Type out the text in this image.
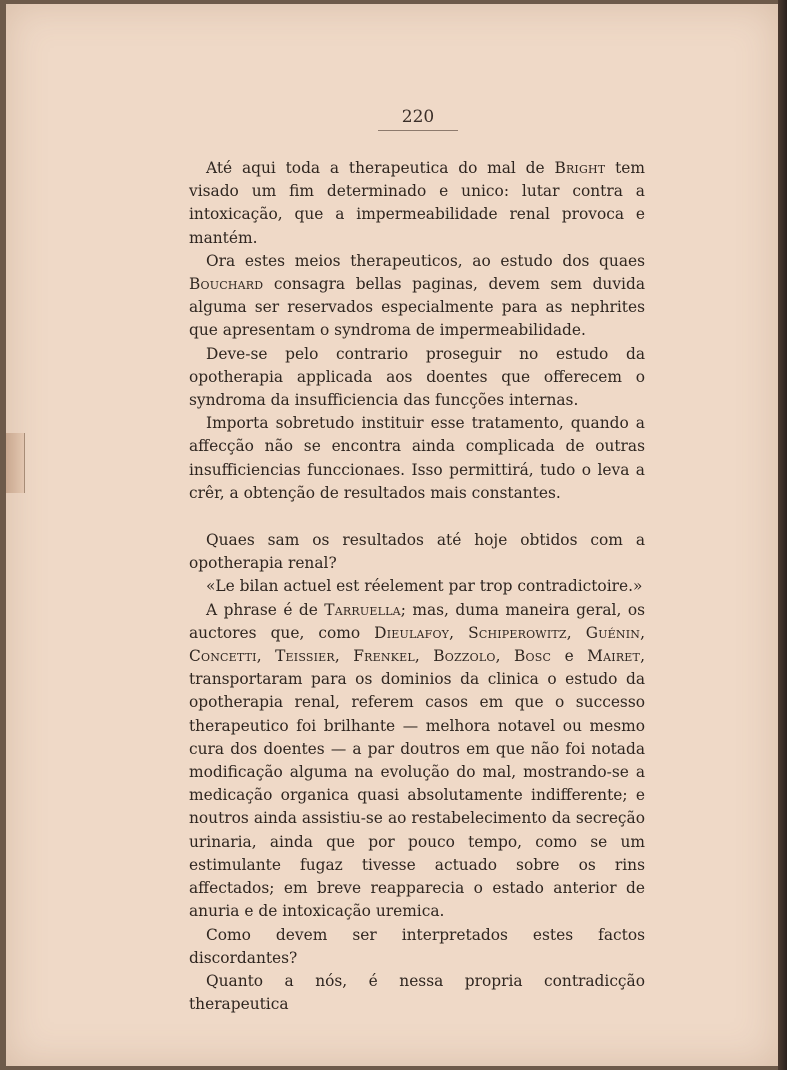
220

Até aqui toda a therapeutica do mal de Bright tem visado um fim determinado e unico: lutar contra a intoxicação, que a impermeabilidade renal provoca e mantém.

Ora estes meios therapeuticos, ao estudo dos quaes Bouchard consagra bellas paginas, devem sem duvida alguma ser reservados especialmente para as nephrites que apresentam o syndroma de impermeabilidade.

Deve-se pelo contrario proseguir no estudo da opotherapia applicada aos doentes que offerecem o syndroma da insufficiencia das funcções internas.

Importa sobretudo instituir esse tratamento, quando a affecção não se encontra ainda complicada de outras insufficiencias funccionaes. Isso permittirá, tudo o leva a crêr, a obtenção de resultados mais constantes.

Quaes sam os resultados até hoje obtidos com a opotherapia renal?

«Le bilan actuel est réelement par trop contradictoire.»

A phrase é de Tarruella; mas, duma maneira geral, os auctores que, como Dieulafoy, Schiperowitz, Guénin, Concetti, Teissier, Frenkel, Bozzolo, Bosc e Mairet, transportaram para os dominios da clinica o estudo da opotherapia renal, referem casos em que o successo therapeutico foi brilhante — melhora notavel ou mesmo cura dos doentes — a par doutros em que não foi notada modificação alguma na evolução do mal, mostrando-se a medicação organica quasi absolutamente indifferente; e noutros ainda assistiu-se ao restabelecimento da secreção urinaria, ainda que por pouco tempo, como se um estimulante fugaz tivesse actuado sobre os rins affectados; em breve reapparecia o estado anterior de anuria e de intoxicação uremica.

Como devem ser interpretados estes factos discordantes?

Quanto a nós, é nessa propria contradicção therapeutica
